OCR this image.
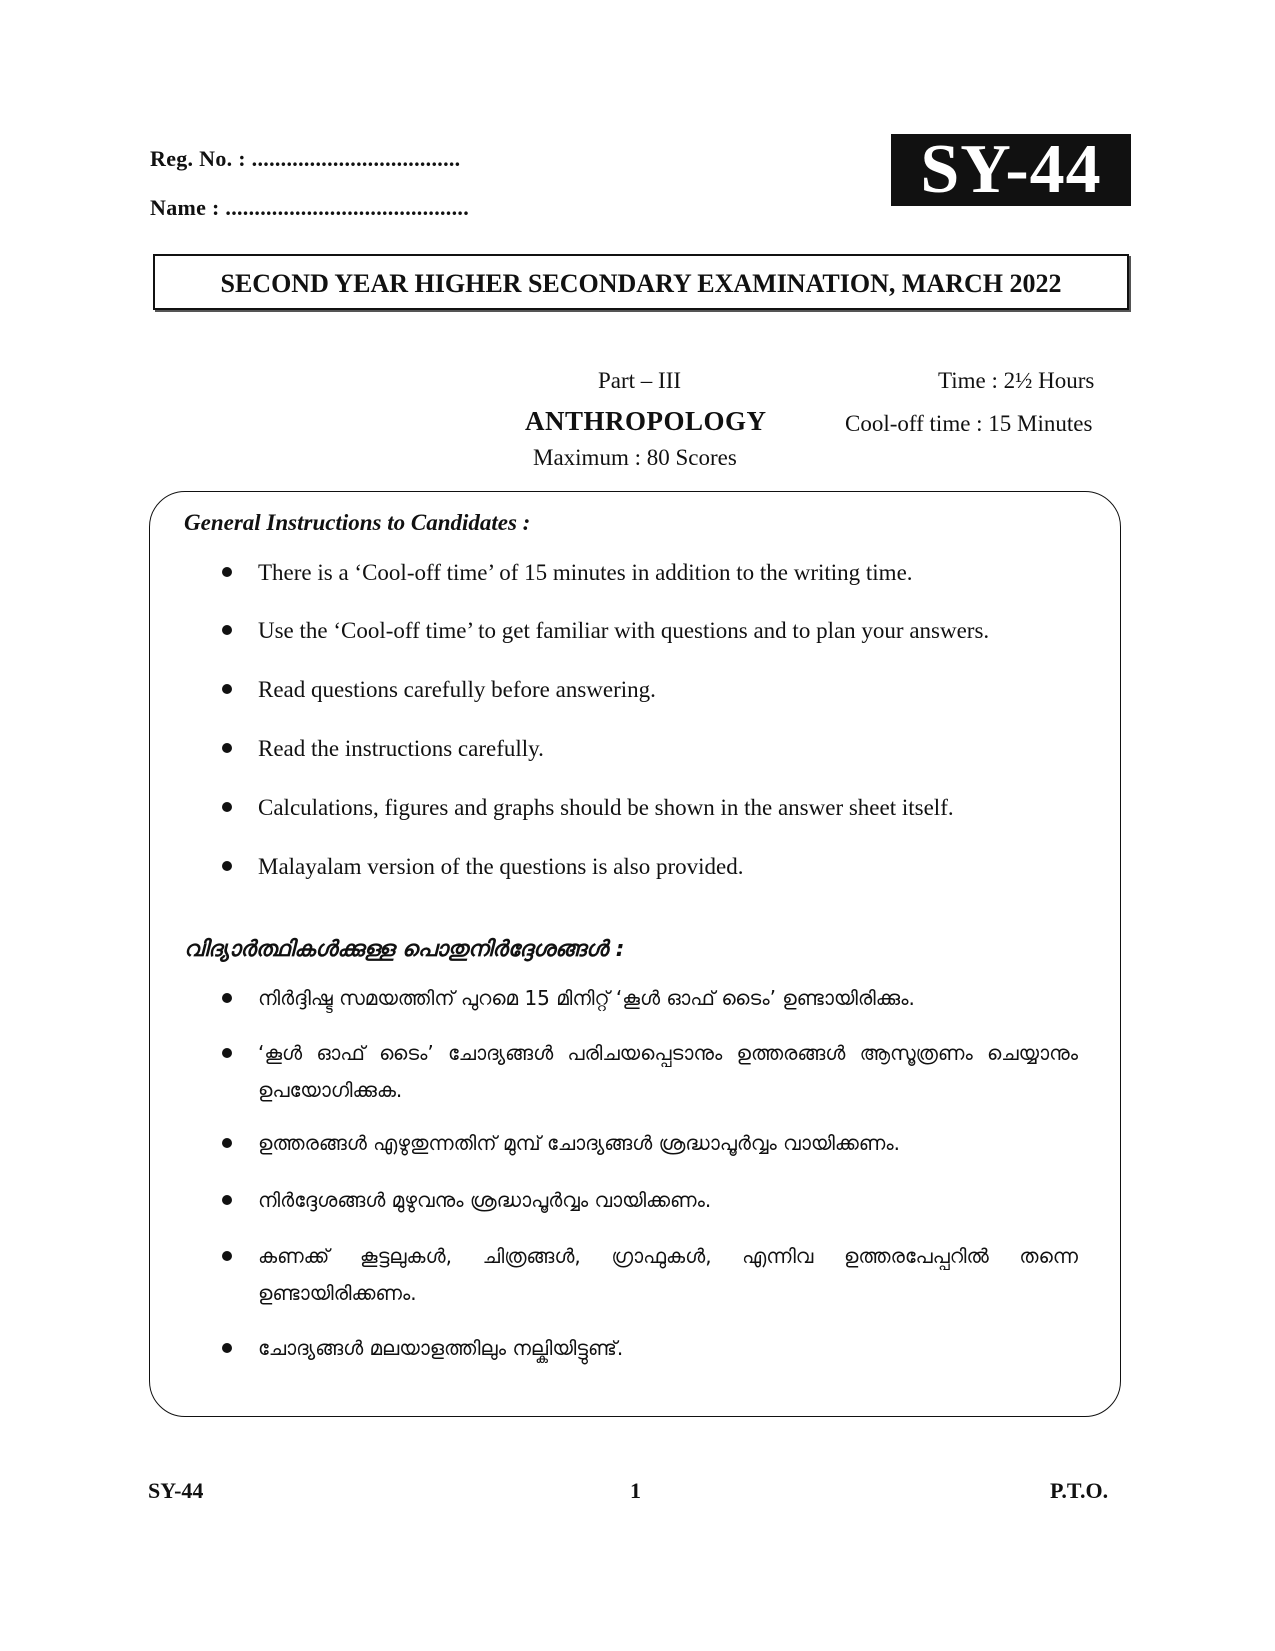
Reg. No. : ....................................
Name : ..........................................	SY-44
SECOND YEAR HIGHER SECONDARY EXAMINATION, MARCH 2022
Part – III	Time : 2½ Hours
ANTHROPOLOGY	Cool-off time : 15 Minutes
Maximum : 80 Scores
General Instructions to Candidates :
There is a ‘Cool-off time’ of 15 minutes in addition to the writing time.
Use the ‘Cool-off time’ to get familiar with questions and to plan your answers.
Read questions carefully before answering.
Read the instructions carefully.
Calculations, figures and graphs should be shown in the answer sheet itself.
Malayalam version of the questions is also provided.
വിദ്യാർത്ഥികൾക്കുള്ള പൊതുനിർദ്ദേശങ്ങൾ :
നിർദ്ദിഷ്ട സമയത്തിന് പുറമെ 15 മിനിറ്റ് ‘കൂൾ ഓഫ് ടൈം’ ഉണ്ടായിരിക്കും.
‘കൂൾ ഓഫ് ടൈം’ ചോദ്യങ്ങൾ പരിചയപ്പെടാനും ഉത്തരങ്ങൾ ആസൂത്രണം ചെയ്യാനും ഉപയോഗിക്കുക.
ഉത്തരങ്ങൾ എഴുതുന്നതിന് മുമ്പ് ചോദ്യങ്ങൾ ശ്രദ്ധാപൂർവ്വം വായിക്കണം.
നിർദ്ദേശങ്ങൾ മുഴുവനും ശ്രദ്ധാപൂർവ്വം വായിക്കണം.
കണക്ക് കൂട്ടലുകൾ, ചിത്രങ്ങൾ, ഗ്രാഫുകൾ, എന്നിവ ഉത്തരപേപ്പറിൽ തന്നെ ഉണ്ടായിരിക്കണം.
ചോദ്യങ്ങൾ മലയാളത്തിലും നല്കിയിട്ടുണ്ട്.
SY-44	1	P.T.O.
